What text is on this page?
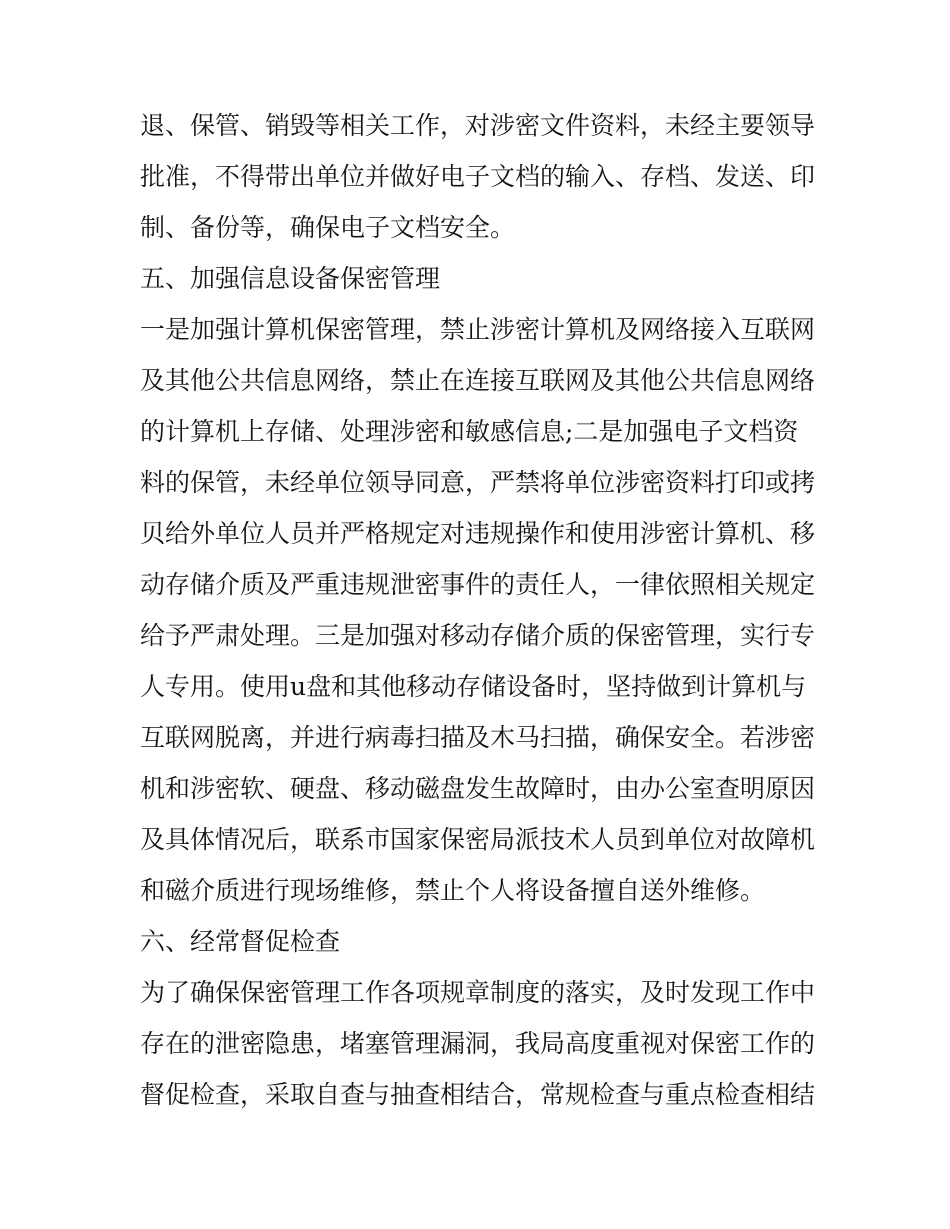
退、保管、销毁等相关工作，对涉密文件资料，未经主要领导
批准，不得带出单位并做好电子文档的输入、存档、发送、印
制、备份等，确保电子文档安全。
五、加强信息设备保密管理
一是加强计算机保密管理，禁止涉密计算机及网络接入互联网
及其他公共信息网络，禁止在连接互联网及其他公共信息网络
的计算机上存储、处理涉密和敏感信息;二是加强电子文档资
料的保管，未经单位领导同意，严禁将单位涉密资料打印或拷
贝给外单位人员并严格规定对违规操作和使用涉密计算机、移
动存储介质及严重违规泄密事件的责任人，一律依照相关规定
给予严肃处理。三是加强对移动存储介质的保密管理，实行专
人专用。使用u盘和其他移动存储设备时，坚持做到计算机与
互联网脱离，并进行病毒扫描及木马扫描，确保安全。若涉密
机和涉密软、硬盘、移动磁盘发生故障时，由办公室查明原因
及具体情况后，联系市国家保密局派技术人员到单位对故障机
和磁介质进行现场维修，禁止个人将设备擅自送外维修。
六、经常督促检查
为了确保保密管理工作各项规章制度的落实，及时发现工作中
存在的泄密隐患，堵塞管理漏洞，我局高度重视对保密工作的
督促检查，采取自查与抽查相结合，常规检查与重点检查相结
